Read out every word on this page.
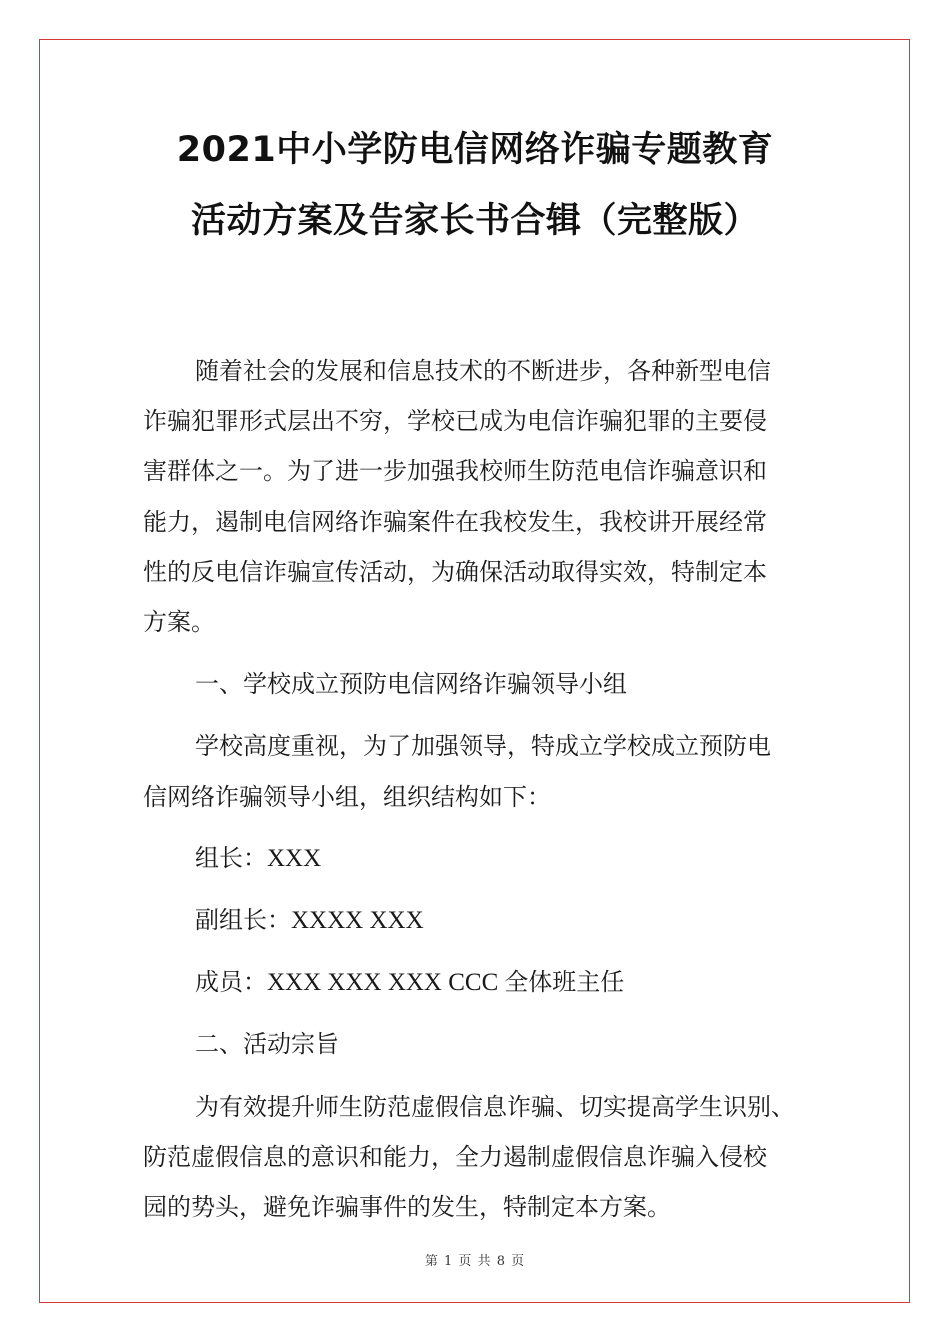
2021中小学防电信网络诈骗专题教育
活动方案及告家长书合辑（完整版）
随着社会的发展和信息技术的不断进步，各种新型电信
诈骗犯罪形式层出不穷，学校已成为电信诈骗犯罪的主要侵
害群体之一。为了进一步加强我校师生防范电信诈骗意识和
能力，遏制电信网络诈骗案件在我校发生，我校讲开展经常
性的反电信诈骗宣传活动，为确保活动取得实效，特制定本
方案。
一、学校成立预防电信网络诈骗领导小组
学校高度重视，为了加强领导，特成立学校成立预防电
信网络诈骗领导小组，组织结构如下：
组长：XXX
副组长：XXXX XXX
成员：XXX XXX XXX CCC 全体班主任
二、活动宗旨
为有效提升师生防范虚假信息诈骗、切实提高学生识别、
防范虚假信息的意识和能力，全力遏制虚假信息诈骗入侵校
园的势头，避免诈骗事件的发生，特制定本方案。
第 1 页 共 8 页
